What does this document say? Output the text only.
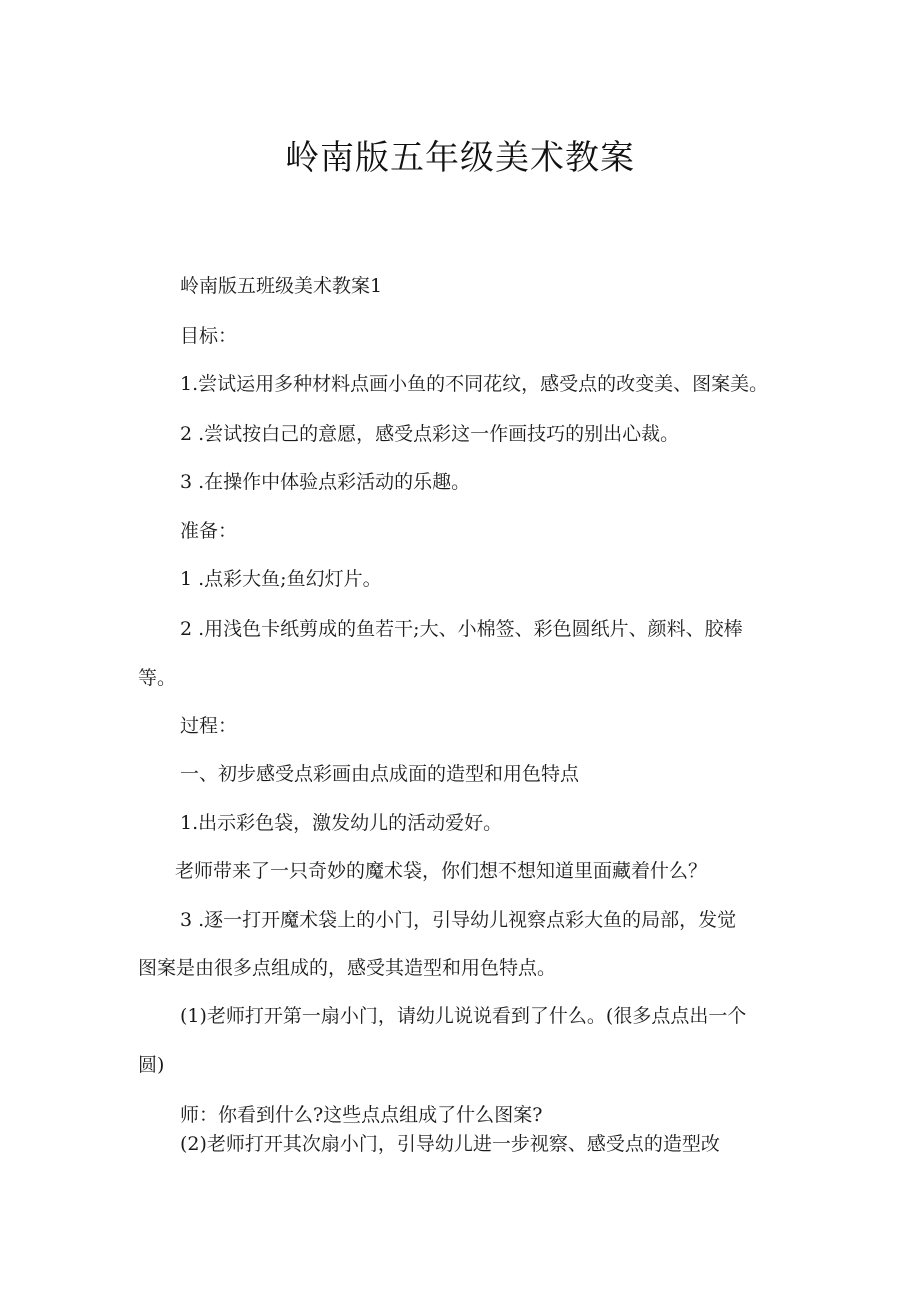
岭南版五年级美术教案
岭南版五班级美术教案1
目标：
1.尝试运用多种材料点画小鱼的不同花纹，感受点的改变美、图案美。
2 .尝试按白己的意愿，感受点彩这一作画技巧的别出心裁。
3 .在操作中体验点彩活动的乐趣。
准备：
1 .点彩大鱼;鱼幻灯片。
2 .用浅色卡纸剪成的鱼若干;大、小棉签、彩色圆纸片、颜料、胶棒
等。
过程：
一、初步感受点彩画由点成面的造型和用色特点
1.出示彩色袋，激发幼儿的活动爱好。
老师带来了一只奇妙的魔术袋，你们想不想知道里面藏着什么？
3 .逐一打开魔术袋上的小门，引导幼儿视察点彩大鱼的局部，发觉
图案是由很多点组成的，感受其造型和用色特点。
(1)老师打开第一扇小门，请幼儿说说看到了什么。(很多点点出一个
圆)
师：你看到什么?这些点点组成了什么图案?
(2)老师打开其次扇小门，引导幼儿进一步视察、感受点的造型改
